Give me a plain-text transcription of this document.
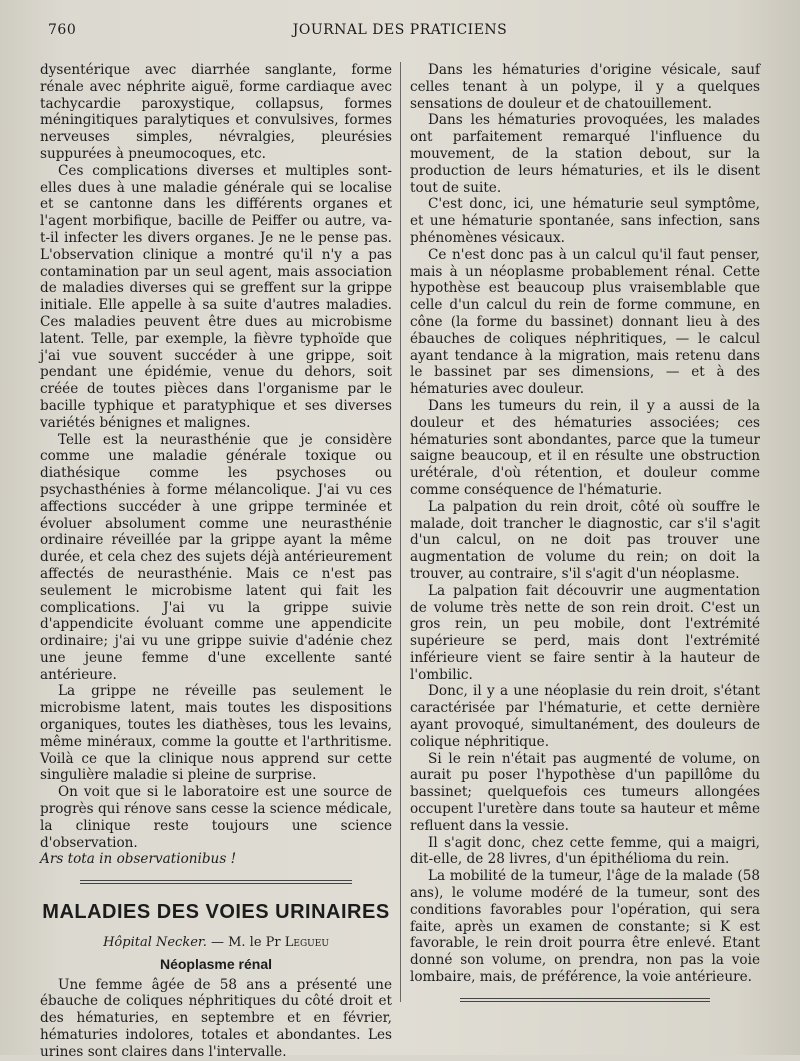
760	JOURNAL DES PRATICIENS

dysentérique avec diarrhée sanglante, forme rénale avec néphrite aiguë, forme cardiaque avec tachycardie paroxystique, collapsus, formes méningitiques paralytiques et convulsives, formes nerveuses simples, névralgies, pleurésies suppurées à pneumocoques, etc.

Ces complications diverses et multiples sont-elles dues à une maladie générale qui se localise et se cantonne dans les différents organes et l'agent morbifique, bacille de Peiffer ou autre, va-t-il infecter les divers organes. Je ne le pense pas. L'observation clinique a montré qu'il n'y a pas contamination par un seul agent, mais association de maladies diverses qui se greffent sur la grippe initiale. Elle appelle à sa suite d'autres maladies. Ces maladies peuvent être dues au microbisme latent. Telle, par exemple, la fièvre typhoïde que j'ai vue souvent succéder à une grippe, soit pendant une épidémie, venue du dehors, soit créée de toutes pièces dans l'organisme par le bacille typhique et paratyphique et ses diverses variétés bénignes et malignes.

Telle est la neurasthénie que je considère comme une maladie générale toxique ou diathésique comme les psychoses ou psychasthénies à forme mélancolique. J'ai vu ces affections succéder à une grippe terminée et évoluer absolument comme une neurasthénie ordinaire réveillée par la grippe ayant la même durée, et cela chez des sujets déjà antérieurement affectés de neurasthénie. Mais ce n'est pas seulement le microbisme latent qui fait les complications. J'ai vu la grippe suivie d'appendicite évoluant comme une appendicite ordinaire; j'ai vu une grippe suivie d'adénie chez une jeune femme d'une excellente santé antérieure.

La grippe ne réveille pas seulement le microbisme latent, mais toutes les dispositions organiques, toutes les diathèses, tous les levains, même minéraux, comme la goutte et l'arthritisme. Voilà ce que la clinique nous apprend sur cette singulière maladie si pleine de surprise.

On voit que si le laboratoire est une source de progrès qui rénove sans cesse la science médicale, la clinique reste toujours une science d'observation.

Ars tota in observationibus !

MALADIES DES VOIES URINAIRES
Hôpital Necker. — M. le Pr Legueu
Néoplasme rénal

Une femme âgée de 58 ans a présenté une ébauche de coliques néphritiques du côté droit et des hématuries, en septembre et en février, hématuries indolores, totales et abondantes. Les urines sont claires dans l'intervalle.

Dans les hématuries d'origine vésicale, sauf celles tenant à un polype, il y a quelques sensations de douleur et de chatouillement.

Dans les hématuries provoquées, les malades ont parfaitement remarqué l'influence du mouvement, de la station debout, sur la production de leurs hématuries, et ils le disent tout de suite.

C'est donc, ici, une hématurie seul symptôme, et une hématurie spontanée, sans infection, sans phénomènes vésicaux.

Ce n'est donc pas à un calcul qu'il faut penser, mais à un néoplasme probablement rénal. Cette hypothèse est beaucoup plus vraisemblable que celle d'un calcul du rein de forme commune, en cône (la forme du bassinet) donnant lieu à des ébauches de coliques néphritiques, — le calcul ayant tendance à la migration, mais retenu dans le bassinet par ses dimensions, — et à des hématuries avec douleur.

Dans les tumeurs du rein, il y a aussi de la douleur et des hématuries associées; ces hématuries sont abondantes, parce que la tumeur saigne beaucoup, et il en résulte une obstruction urétérale, d'où rétention, et douleur comme comme conséquence de l'hématurie.

La palpation du rein droit, côté où souffre le malade, doit trancher le diagnostic, car s'il s'agit d'un calcul, on ne doit pas trouver une augmentation de volume du rein; on doit la trouver, au contraire, s'il s'agit d'un néoplasme.

La palpation fait découvrir une augmentation de volume très nette de son rein droit. C'est un gros rein, un peu mobile, dont l'extrémité supérieure se perd, mais dont l'extrémité inférieure vient se faire sentir à la hauteur de l'ombilic.

Donc, il y a une néoplasie du rein droit, s'étant caractérisée par l'hématurie, et cette dernière ayant provoqué, simultanément, des douleurs de colique néphritique.

Si le rein n'était pas augmenté de volume, on aurait pu poser l'hypothèse d'un papillôme du bassinet; quelquefois ces tumeurs allongées occupent l'uretère dans toute sa hauteur et même refluent dans la vessie.

Il s'agit donc, chez cette femme, qui a maigri, dit-elle, de 28 livres, d'un épithélioma du rein.

La mobilité de la tumeur, l'âge de la malade (58 ans), le volume modéré de la tumeur, sont des conditions favorables pour l'opération, qui sera faite, après un examen de constante; si K est favorable, le rein droit pourra être enlevé. Etant donné son volume, on prendra, non pas la voie lombaire, mais, de préférence, la voie antérieure.
